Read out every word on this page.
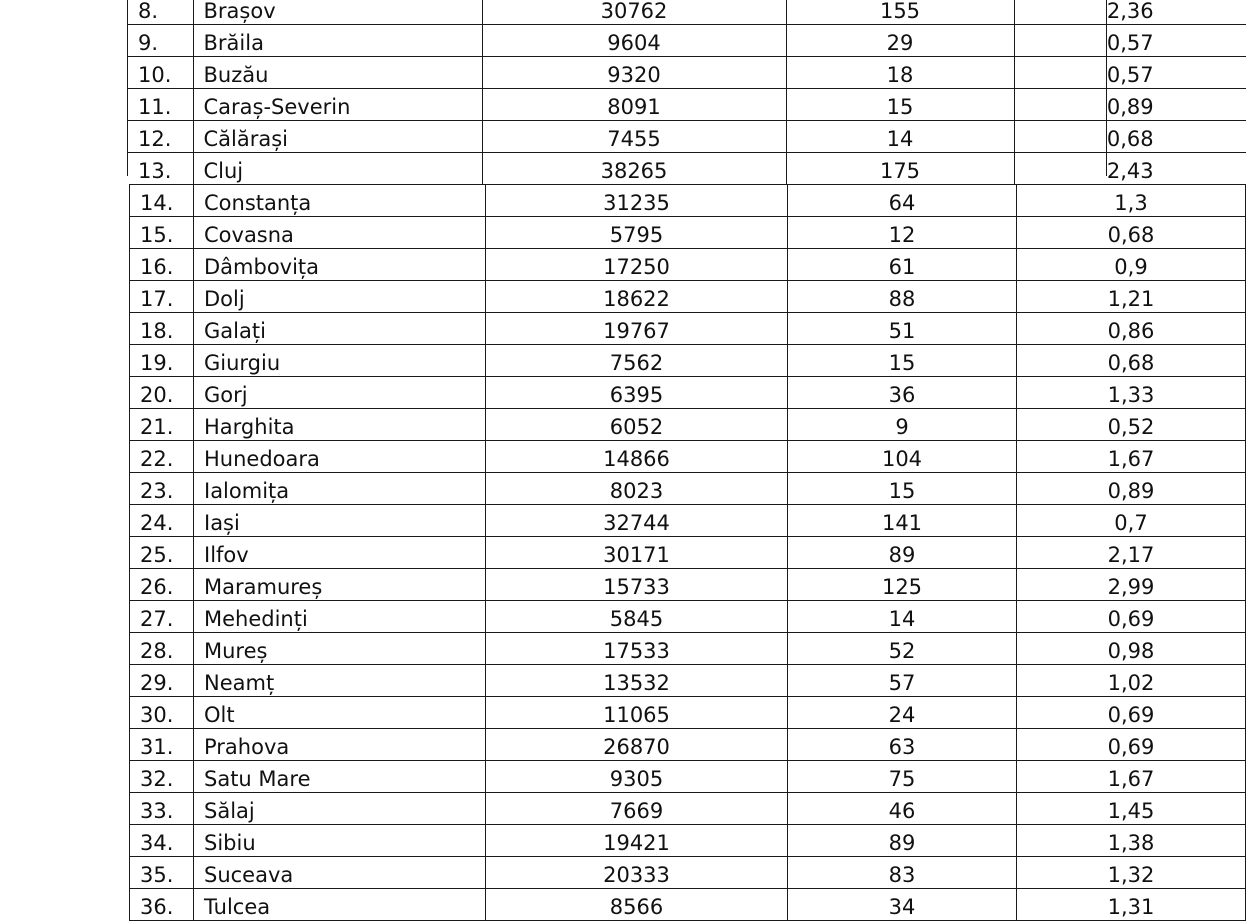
8.	Brașov	30762	155	2,36
9.	Brăila	9604	29	0,57
10.	Buzău	9320	18	0,57
11.	Caraș-Severin	8091	15	0,89
12.	Călărași	7455	14	0,68
13.	Cluj	38265	175	2,43
14.	Constanța	31235	64	1,3
15.	Covasna	5795	12	0,68
16.	Dâmbovița	17250	61	0,9
17.	Dolj	18622	88	1,21
18.	Galați	19767	51	0,86
19.	Giurgiu	7562	15	0,68
20.	Gorj	6395	36	1,33
21.	Harghita	6052	9	0,52
22.	Hunedoara	14866	104	1,67
23.	Ialomița	8023	15	0,89
24.	Iași	32744	141	0,7
25.	Ilfov	30171	89	2,17
26.	Maramureș	15733	125	2,99
27.	Mehedinți	5845	14	0,69
28.	Mureș	17533	52	0,98
29.	Neamț	13532	57	1,02
30.	Olt	11065	24	0,69
31.	Prahova	26870	63	0,69
32.	Satu Mare	9305	75	1,67
33.	Sălaj	7669	46	1,45
34.	Sibiu	19421	89	1,38
35.	Suceava	20333	83	1,32
36.	Tulcea	8566	34	1,31
